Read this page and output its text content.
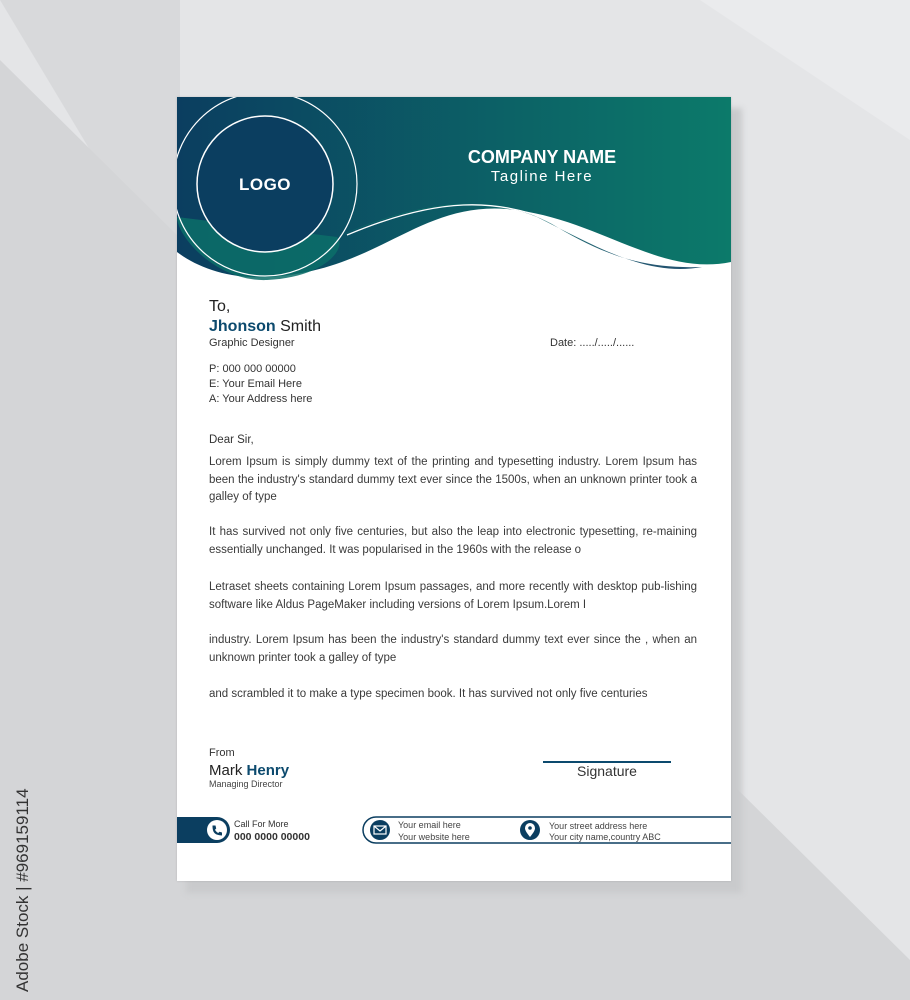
LOGO
COMPANY NAME
Tagline Here
To,
Jhonson Smith
Graphic Designer	Date: ...../...../......
P: 000 000 00000
E: Your Email Here
A: Your Address here
Dear Sir,
Lorem Ipsum is simply dummy text of the printing and typesetting industry. Lorem Ipsum has been the industry's standard dummy text ever since the 1500s, when an unknown printer took a galley of type
It has survived not only five centuries, but also the leap into electronic typesetting, re-maining essentially unchanged. It was popularised in the 1960s with the release o
Letraset sheets containing Lorem Ipsum passages, and more recently with desktop pub-lishing software like Aldus PageMaker including versions of Lorem Ipsum.Lorem I
industry. Lorem Ipsum has been the industry's standard dummy text ever since the , when an unknown printer took a galley of type
and scrambled it to make a type specimen book. It has survived not only five centuries
From
Mark Henry
Managing Director
Signature
Call For More
000 0000 00000
Your email here
Your website here
Your street address here
Your city name,country ABC
Adobe Stock | #969159114
